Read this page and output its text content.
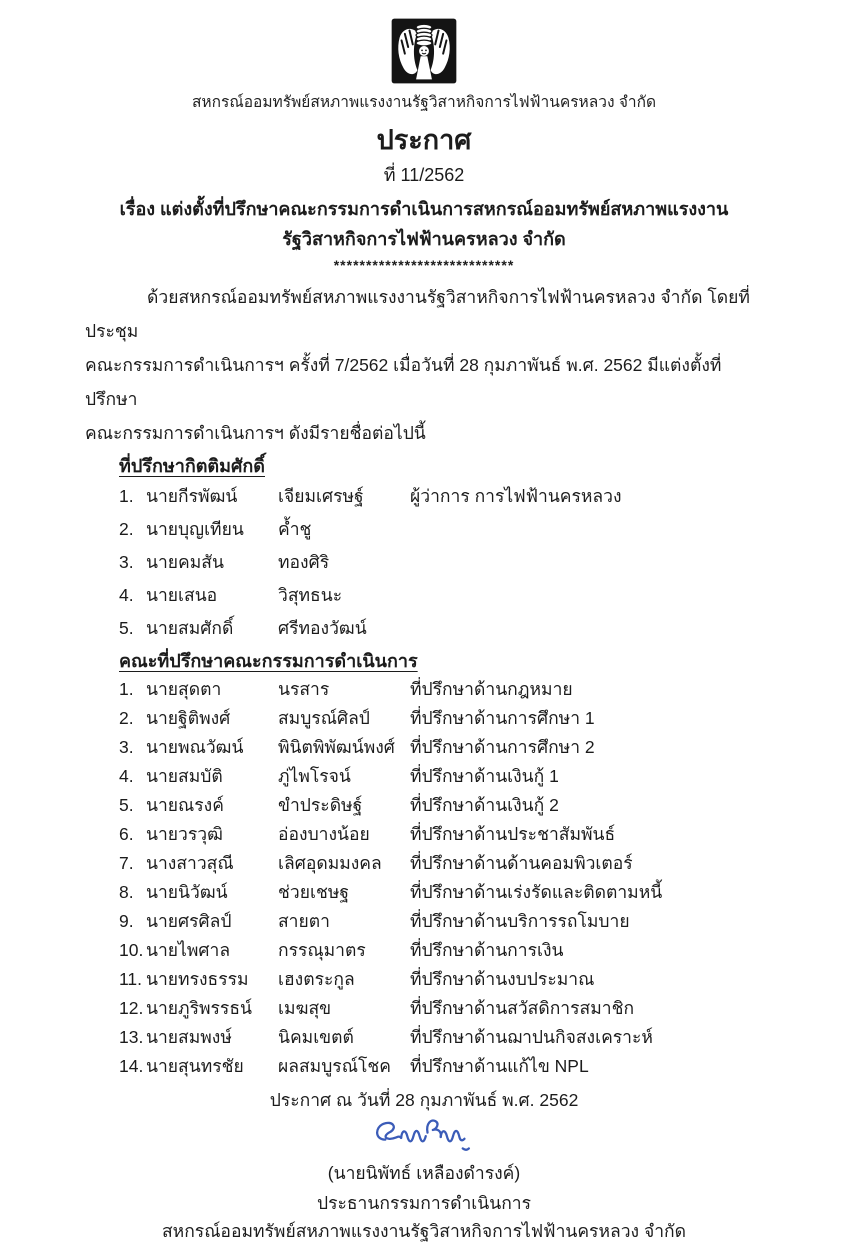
สหกรณ์ออมทรัพย์สหภาพแรงงานรัฐวิสาหกิจการไฟฟ้านครหลวง จำกัด
ประกาศ
ที่ 11/2562
เรื่อง แต่งตั้งที่ปรึกษาคณะกรรมการดำเนินการสหกรณ์ออมทรัพย์สหภาพแรงงาน
รัฐวิสาหกิจการไฟฟ้านครหลวง จำกัด
****************************
ด้วยสหกรณ์ออมทรัพย์สหภาพแรงงานรัฐวิสาหกิจการไฟฟ้านครหลวง จำกัด โดยที่ประชุม
คณะกรรมการดำเนินการฯ ครั้งที่ 7/2562 เมื่อวันที่ 28 กุมภาพันธ์ พ.ศ. 2562 มีแต่งตั้งที่ปรึกษา
คณะกรรมการดำเนินการฯ ดังมีรายชื่อต่อไปนี้
ที่ปรึกษากิตติมศักดิ์
1. นายกีรพัฒน์	เจียมเศรษฐ์	ผู้ว่าการ การไฟฟ้านครหลวง
2. นายบุญเทียน	ค้ำชู
3. นายคมสัน	ทองศิริ
4. นายเสนอ	วิสุทธนะ
5. นายสมศักดิ์	ศรีทองวัฒน์
คณะที่ปรึกษาคณะกรรมการดำเนินการ
1. นายสุดตา	นรสาร	ที่ปรึกษาด้านกฎหมาย
2. นายฐิติพงศ์	สมบูรณ์ศิลป์	ที่ปรึกษาด้านการศึกษา 1
3. นายพณวัฒน์	พินิตพิพัฒน์พงศ์ ที่ปรึกษาด้านการศึกษา 2
4. นายสมบัติ	ภู่ไพโรจน์	ที่ปรึกษาด้านเงินกู้ 1
5. นายณรงค์	ขำประดิษฐ์	ที่ปรึกษาด้านเงินกู้ 2
6. นายวรวุฒิ	อ่องบางน้อย	ที่ปรึกษาด้านประชาสัมพันธ์
7. นางสาวสุณี	เลิศอุดมมงคล	ที่ปรึกษาด้านด้านคอมพิวเตอร์
8. นายนิวัฒน์	ช่วยเชษฐ	ที่ปรึกษาด้านเร่งรัดและติดตามหนี้
9. นายศรศิลป์	สายตา	ที่ปรึกษาด้านบริการรถโมบาย
10. นายไพศาล	กรรณุมาตร	ที่ปรึกษาด้านการเงิน
11. นายทรงธรรม	เฮงตระกูล	ที่ปรึกษาด้านงบประมาณ
12. นายภูริพรรธน์	เมฆสุข	ที่ปรึกษาด้านสวัสดิการสมาชิก
13. นายสมพงษ์	นิคมเขตต์	ที่ปรึกษาด้านฌาปนกิจสงเคราะห์
14. นายสุนทรชัย	ผลสมบูรณ์โชค	ที่ปรึกษาด้านแก้ไข NPL
ประกาศ ณ วันที่ 28 กุมภาพันธ์ พ.ศ. 2562
(นายนิพัทธ์ เหลืองดำรงค์)
ประธานกรรมการดำเนินการ
สหกรณ์ออมทรัพย์สหภาพแรงงานรัฐวิสาหกิจการไฟฟ้านครหลวง จำกัด
